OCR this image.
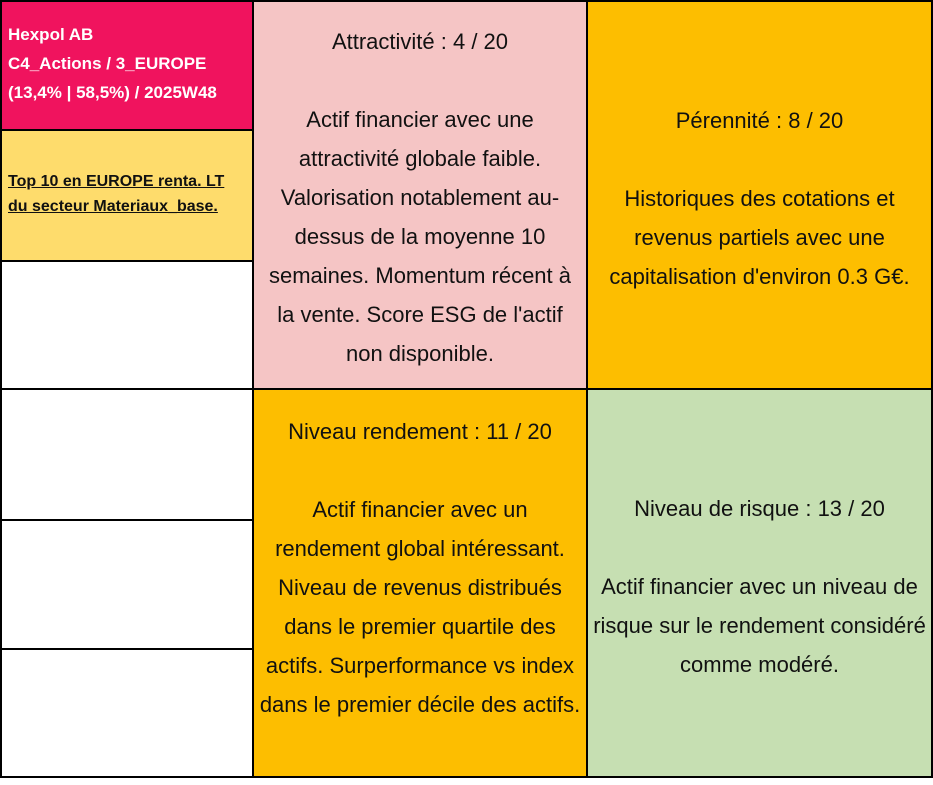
Hexpol AB
C4_Actions / 3_EUROPE
(13,4% | 58,5%) / 2025W48
Top 10 en EUROPE renta. LT
du secteur Materiaux_base.
Attractivité : 4 / 20
Actif financier avec une attractivité globale faible. Valorisation notablement au-dessus de la moyenne 10 semaines. Momentum récent à la vente. Score ESG de l'actif non disponible.
Pérennité : 8 / 20
Historiques des cotations et revenus partiels avec une capitalisation d'environ 0.3 G€.
Niveau rendement : 11 / 20
Actif financier avec un rendement global intéressant. Niveau de revenus distribués dans le premier quartile des actifs. Surperformance vs index dans le premier décile des actifs.
Niveau de risque : 13 / 20
Actif financier avec un niveau de risque sur le rendement considéré comme modéré.
